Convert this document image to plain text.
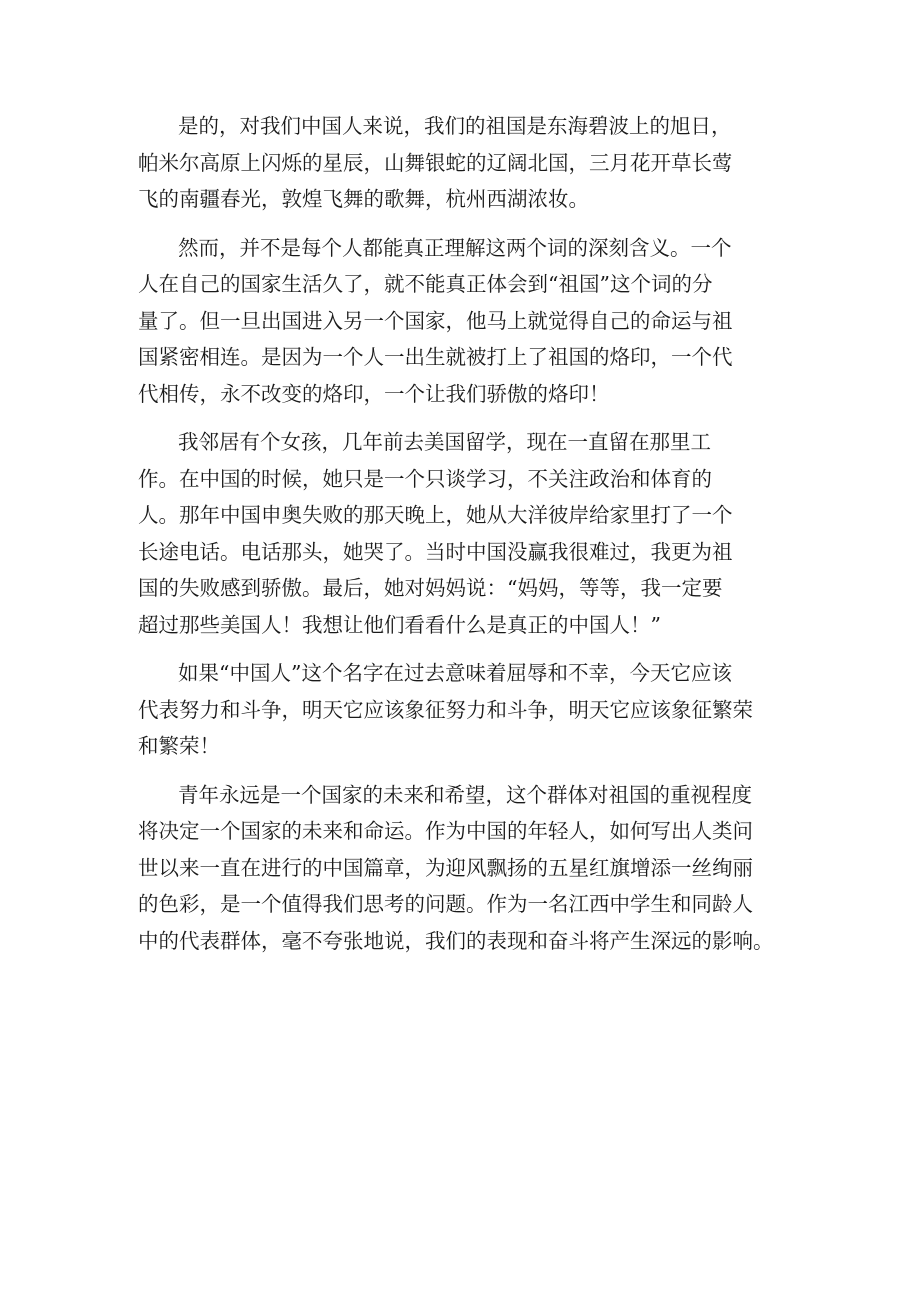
是的，对我们中国人来说，我们的祖国是东海碧波上的旭日，
帕米尔高原上闪烁的星辰，山舞银蛇的辽阔北国，三月花开草长莺
飞的南疆春光，敦煌飞舞的歌舞，杭州西湖浓妆。
然而，并不是每个人都能真正理解这两个词的深刻含义。一个
人在自己的国家生活久了，就不能真正体会到“祖国”这个词的分
量了。但一旦出国进入另一个国家，他马上就觉得自己的命运与祖
国紧密相连。是因为一个人一出生就被打上了祖国的烙印，一个代
代相传，永不改变的烙印，一个让我们骄傲的烙印！
我邻居有个女孩，几年前去美国留学，现在一直留在那里工
作。在中国的时候，她只是一个只谈学习，不关注政治和体育的
人。那年中国申奥失败的那天晚上，她从大洋彼岸给家里打了一个
长途电话。电话那头，她哭了。当时中国没赢我很难过，我更为祖
国的失败感到骄傲。最后，她对妈妈说：“妈妈，等等，我一定要
超过那些美国人！我想让他们看看什么是真正的中国人！”
如果“中国人”这个名字在过去意味着屈辱和不幸，今天它应该
代表努力和斗争，明天它应该象征努力和斗争，明天它应该象征繁荣
和繁荣！
青年永远是一个国家的未来和希望，这个群体对祖国的重视程度
将决定一个国家的未来和命运。作为中国的年轻人，如何写出人类问
世以来一直在进行的中国篇章，为迎风飘扬的五星红旗增添一丝绚丽
的色彩，是一个值得我们思考的问题。作为一名江西中学生和同龄人
中的代表群体，毫不夸张地说，我们的表现和奋斗将产生深远的影响。
